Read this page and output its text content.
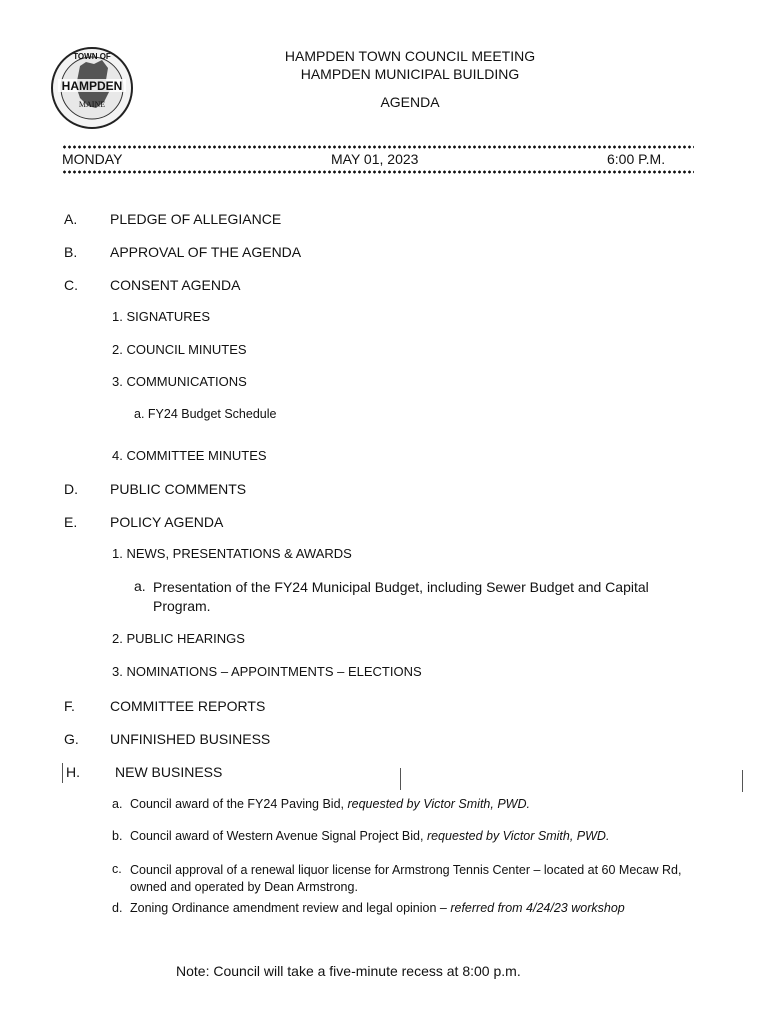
TOWN OF
HAMPDEN
MAINE
HAMPDEN TOWN COUNCIL MEETING
HAMPDEN MUNICIPAL BUILDING
AGENDA
MONDAY	MAY 01, 2023	6:00 P.M.
A. PLEDGE OF ALLEGIANCE
B. APPROVAL OF THE AGENDA
C. CONSENT AGENDA
1. SIGNATURES
2. COUNCIL MINUTES
3. COMMUNICATIONS
a. FY24 Budget Schedule
4. COMMITTEE MINUTES
D. PUBLIC COMMENTS
E. POLICY AGENDA
1. NEWS, PRESENTATIONS & AWARDS
a. Presentation of the FY24 Municipal Budget, including Sewer Budget and Capital Program.
2. PUBLIC HEARINGS
3. NOMINATIONS – APPOINTMENTS – ELECTIONS
F.	COMMITTEE REPORTS
G. UNFINISHED BUSINESS
H.	NEW BUSINESS
a. Council award of the FY24 Paving Bid, requested by Victor Smith, PWD.
b. Council award of Western Avenue Signal Project Bid, requested by Victor Smith, PWD.
c. Council approval of a renewal liquor license for Armstrong Tennis Center – located at 60 Mecaw Rd, owned and operated by Dean Armstrong.
d. Zoning Ordinance amendment review and legal opinion – referred from 4/24/23 workshop
Note: Council will take a five-minute recess at 8:00 p.m.
